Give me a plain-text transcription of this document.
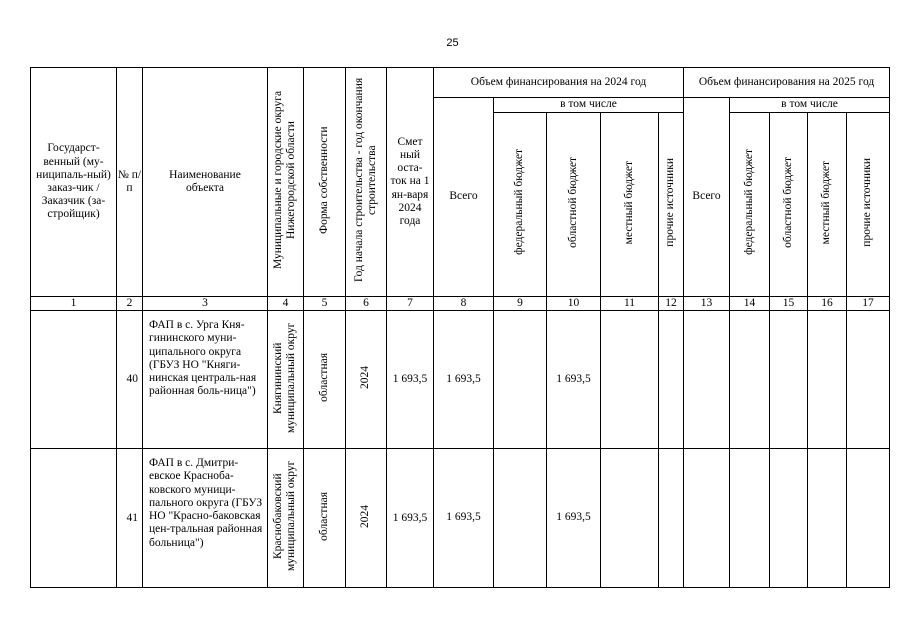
25
Государст-венный (му-ниципаль-ный) заказ-чик / Заказчик (за-стройщик)	№ п/ п	Наименование объекта	Муниципальные и городские округа Нижегородской области	Форма собственности	Год начала строительства - год окончания строительства	Смет ный оста-ток на 1 ян-варя 2024 года	Объем финансирования на 2024 год					Объем финансирования на 2025 год				
							Всего	в том числе				Всего	в том числе			
								федеральный бюджет	областной бюджет	местный бюджет	прочие источники		федеральный бюджет	областной бюджет	местный бюджет	прочие источники
1	2	3	4	5	6	7	8	9	10	11	12	13	14	15	16	17
	40	ФАП в с. Урга Кня-гининского муни-ципального округа (ГБУЗ НО "Княги-нинская централь-ная районная боль-ница")	Княгининский муниципальный округ	областная	2024	1 693,5	1 693,5		1 693,5							
	41	ФАП в с. Дмитри-евское Краснoба-ковского муници-пального округа (ГБУЗ НО "Красно-баковская цен-тральная районная больница")	Краснобаковский муниципальный округ	областная	2024	1 693,5	1 693,5		1 693,5							
